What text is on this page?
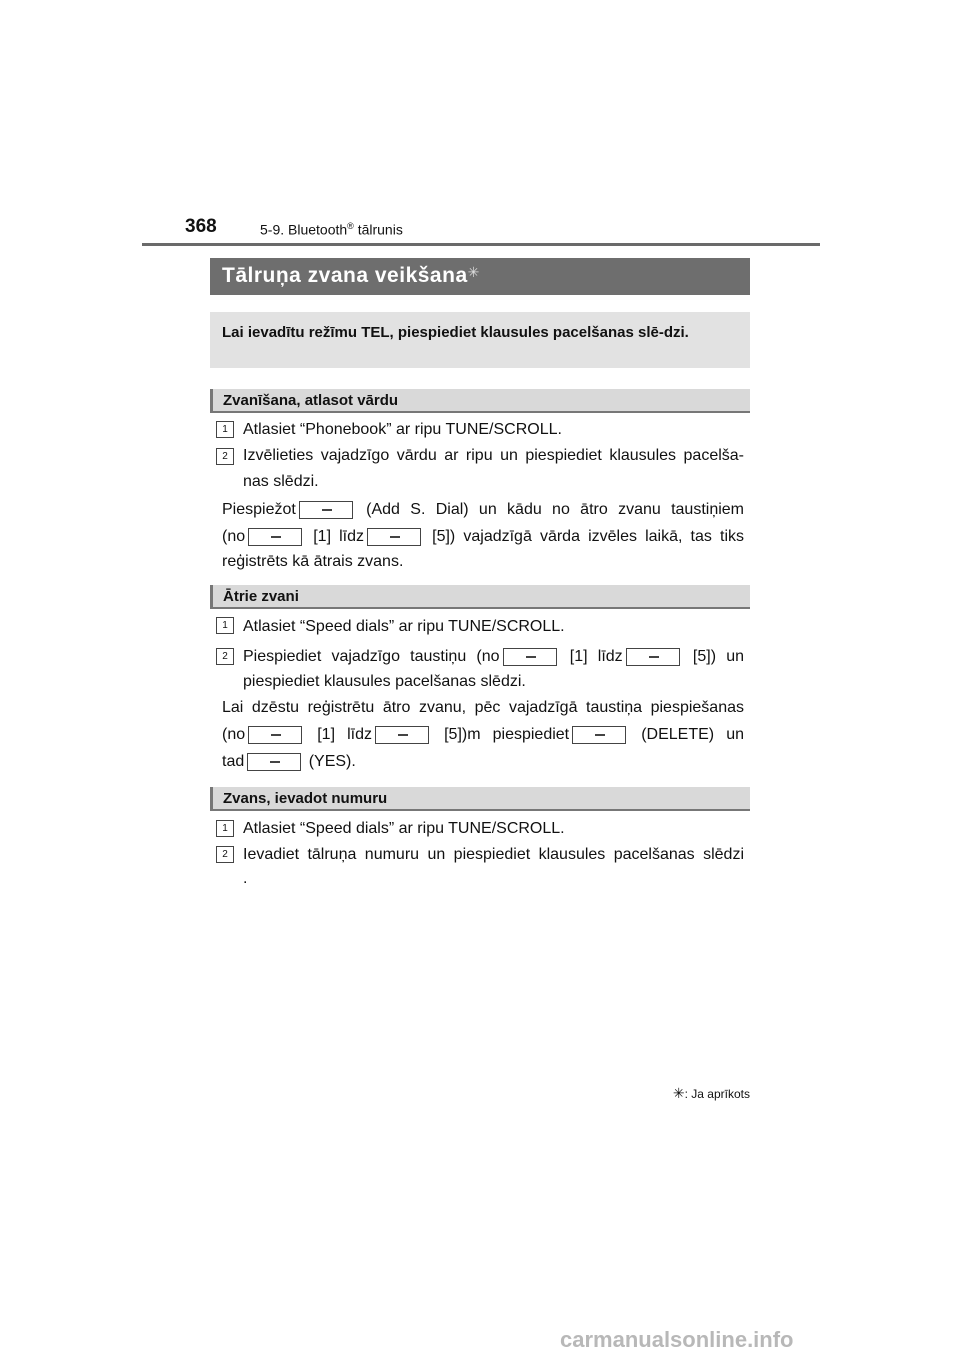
368	5-9. Bluetooth® tālrunis
Tālruņa zvana veikšana✳
Lai ievadītu režīmu TEL, piespiediet klausules pacelšanas slē-dzi.
Zvanīšana, atlasot vārdu
1 Atlasiet “Phonebook” ar ripu TUNE/SCROLL.
2 Izvēlieties vajadzīgo vārdu ar ripu un piespiediet klausules pacelša-
nas slēdzi.
Piespiežot	(Add S. Dial) un kādu no ātro zvanu taustiņiem
(no	[1] līdz	[5]) vajadzīgā vārda izvēles laikā, tas tiks
reģistrēts kā ātrais zvans.
Ātrie zvani
1 Atlasiet “Speed dials” ar ripu TUNE/SCROLL.
2 Piespiediet vajadzīgo taustiņu (no	[1] līdz	[5]) un
piespiediet klausules pacelšanas slēdzi.
Lai dzēstu reģistrētu ātro zvanu, pēc vajadzīgā taustiņa piespiešanas
(no	[1] līdz	[5])m piespiediet	(DELETE) un
tad	(YES).
Zvans, ievadot numuru
1 Atlasiet “Speed dials” ar ripu TUNE/SCROLL.
2 Ievadiet tālruņa numuru un piespiediet klausules pacelšanas slēdzi
.
✳: Ja aprīkots
carmanualsonline.info
